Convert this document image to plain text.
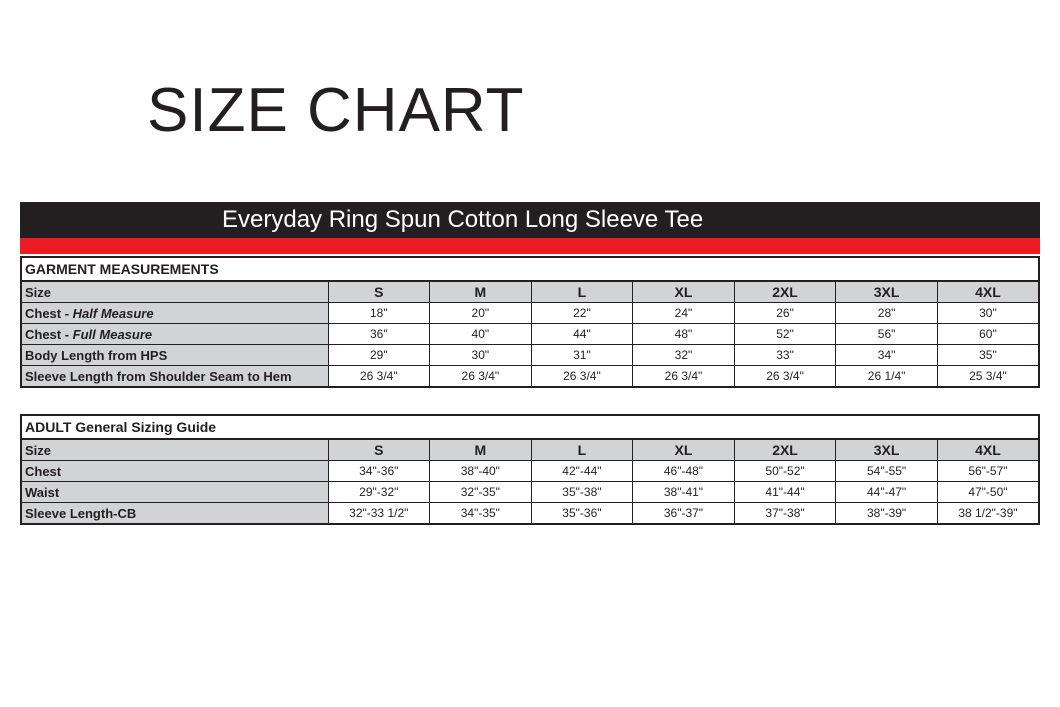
SIZE CHART
Everyday Ring Spun Cotton Long Sleeve Tee
GARMENT MEASUREMENTS							
Size	S	M	L	XL	2XL	3XL	4XL
Chest - Half Measure	18"	20"	22"	24"	26"	28"	30"
Chest - Full Measure	36"	40"	44"	48"	52"	56"	60"
Body Length from HPS	29"	30"	31"	32"	33"	34"	35"
Sleeve Length from Shoulder Seam to Hem	26 3/4"	26 3/4"	26 3/4"	26 3/4"	26 3/4"	26 1/4"	25 3/4"
ADULT General Sizing Guide							
Size	S	M	L	XL	2XL	3XL	4XL
Chest	34"-36"	38"-40"	42"-44"	46"-48"	50"-52"	54"-55"	56"-57"
Waist	29"-32"	32"-35"	35"-38"	38"-41"	41"-44"	44"-47"	47"-50"
Sleeve Length-CB	32"-33 1/2"	34"-35"	35"-36"	36"-37"	37"-38"	38"-39"	38 1/2"-39"
